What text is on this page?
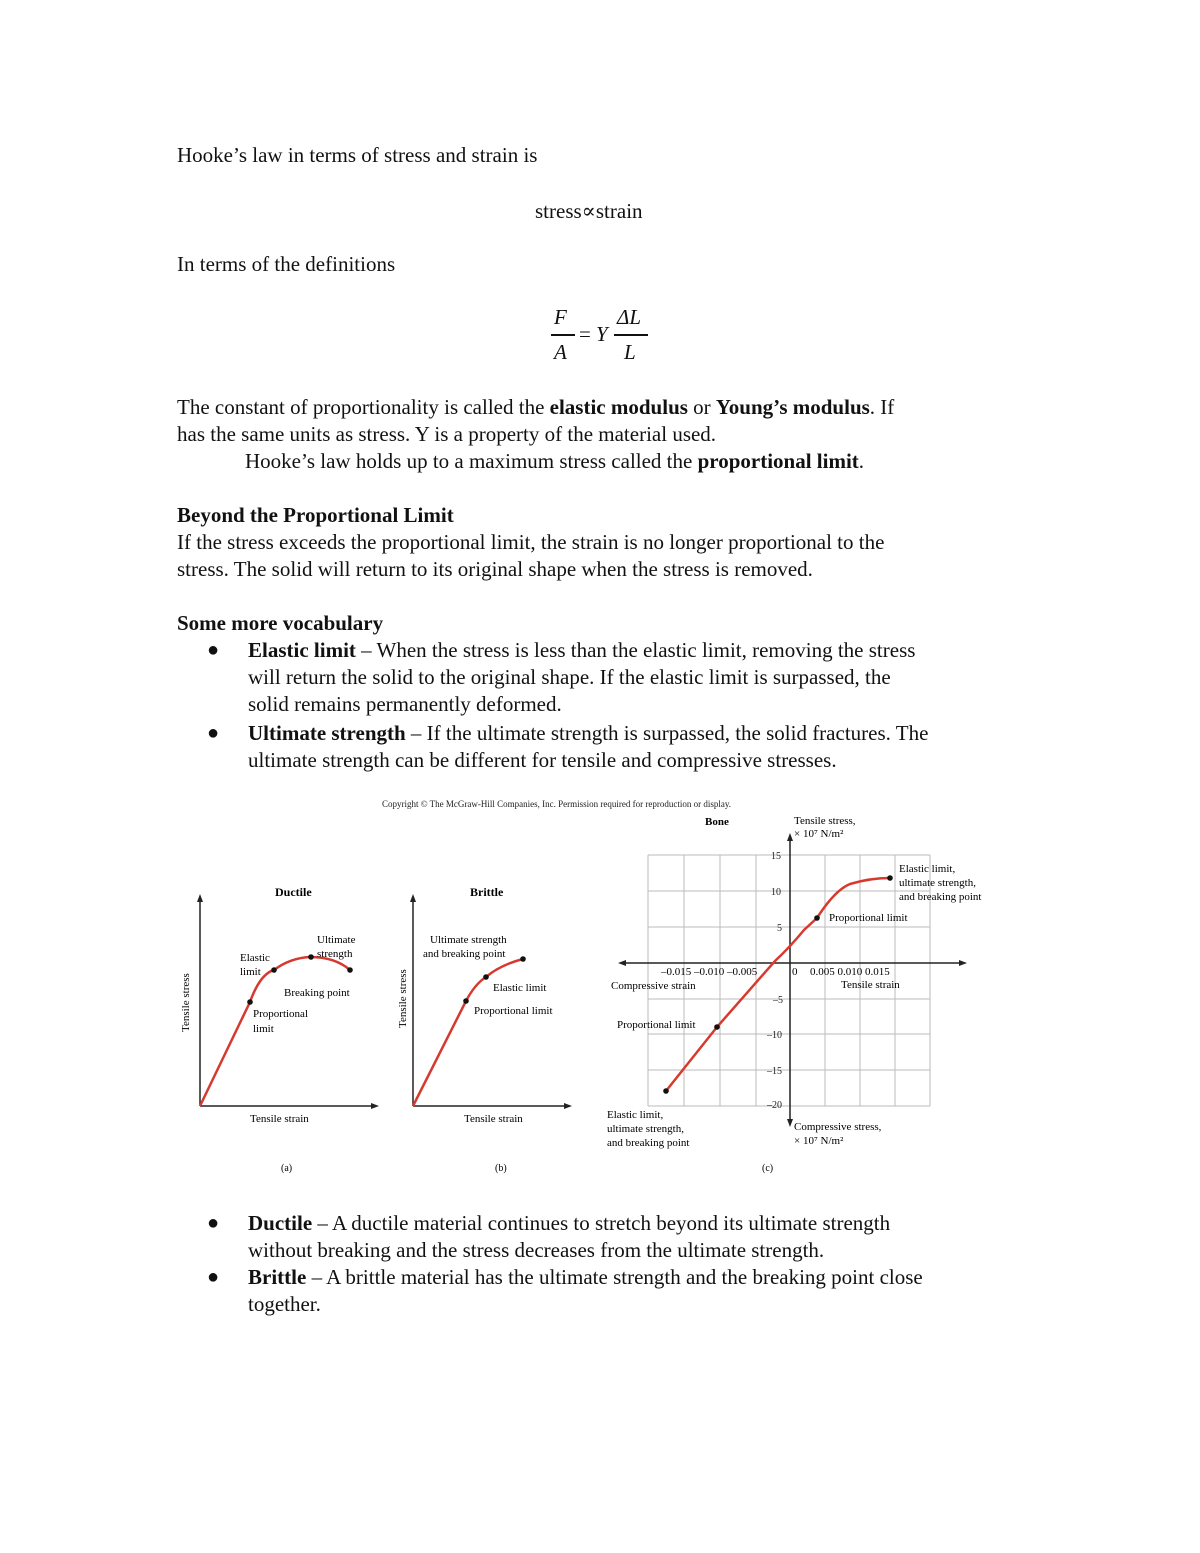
Hooke’s law in terms of stress and strain is
stress∝strain
In terms of the definitions
F
A
= Y
ΔL
L
The constant of proportionality is called the elastic modulus or Young’s modulus. If
has the same units as stress. Y is a property of the material used.
Hooke’s law holds up to a maximum stress called the proportional limit.
Beyond the Proportional Limit
If the stress exceeds the proportional limit, the strain is no longer proportional to the
stress. The solid will return to its original shape when the stress is removed.
Some more vocabulary
● Elastic limit – When the stress is less than the elastic limit, removing the stress
will return the solid to the original shape. If the elastic limit is surpassed, the
solid remains permanently deformed.
● Ultimate strength – If the ultimate strength is surpassed, the solid fractures. The
ultimate strength can be different for tensile and compressive stresses.
Copyright © The McGraw-Hill Companies, Inc. Permission required for reproduction or display.
Ductile
Tensile stress
Tensile strain
Elastic
limit
Ultimate
strength
Breaking point
Proportional
limit
(a)
Brittle
Tensile stress
Tensile strain
Ultimate strength
and breaking point
Elastic limit
Proportional limit
(b)
Bone	Tensile stress,
× 10⁷ N/m²
15
10
5
–5
–10
–15
–20
–0.015 –0.010 –0.005	0 0.005 0.010 0.015
Compressive strain	Tensile strain
Elastic limit,
ultimate strength,
and breaking point
Proportional limit
Proportional limit
Elastic limit,
ultimate strength,
and breaking point
Compressive stress,
× 10⁷ N/m²
(c)
● Ductile – A ductile material continues to stretch beyond its ultimate strength
without breaking and the stress decreases from the ultimate strength.
● Brittle – A brittle material has the ultimate strength and the breaking point close
together.
